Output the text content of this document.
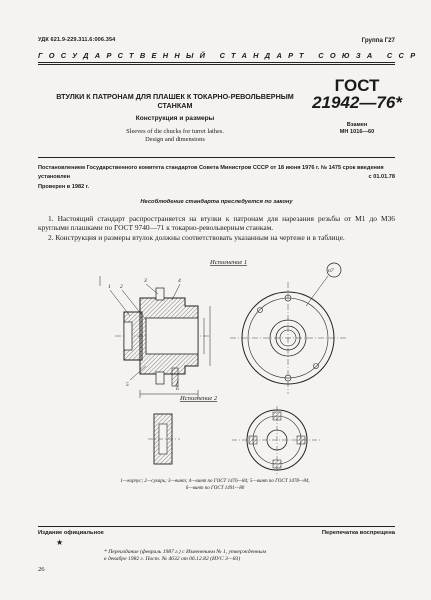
УДК 621.9-229.311.6:006.354	Группа Г27
ГОСУДАРСТВЕННЫЙ СТАНДАРТ СОЮЗА ССР
ВТУЛКИ К ПАТРОНАМ ДЛЯ ПЛАШЕК К ТОКАРНО-РЕВОЛЬВЕРНЫМ
СТАНКАМ
Конструкция и размеры
Sleeves of die chucks for turret lathes.
Design and dimensions
ГОСТ
21942—76*
Взамен
МН 1016—60
Постановлением Государственного комитета стандартов Совета Министров СССР от 18 июня 1976 г. № 1475 срок введения
установлен	с 01.01.78
Проверен в 1982 г.
Несоблюдение стандарта преследуется по закону
1. Настоящий стандарт распространяется на втулки к патронам для нарезания резьбы от М1 до М36 круглыми плашками по ГОСТ 9740—71 к токарно-револьверным станкам.
2. Конструкция и размеры втулок должны соответствовать указанным на чертеже и в таблице.
Исполнение 1
1 2
3	4
5
6
п7
Исполнение 2
1—корпус; 2—сухарь; 3—винт; 4—винт по ГОСТ 1476—84; 5—винт по ГОСТ 1478—84,
6—винт по ГОСТ 1491—80
Издание официальное	Перепечатка воспрещена
★
* Переиздание (февраль 1987 г.) с Изменением № 1, утвержденным
в декабре 1982 г. Пост. № 4632 от 06.12.82 (ИУС 3—83)
26
